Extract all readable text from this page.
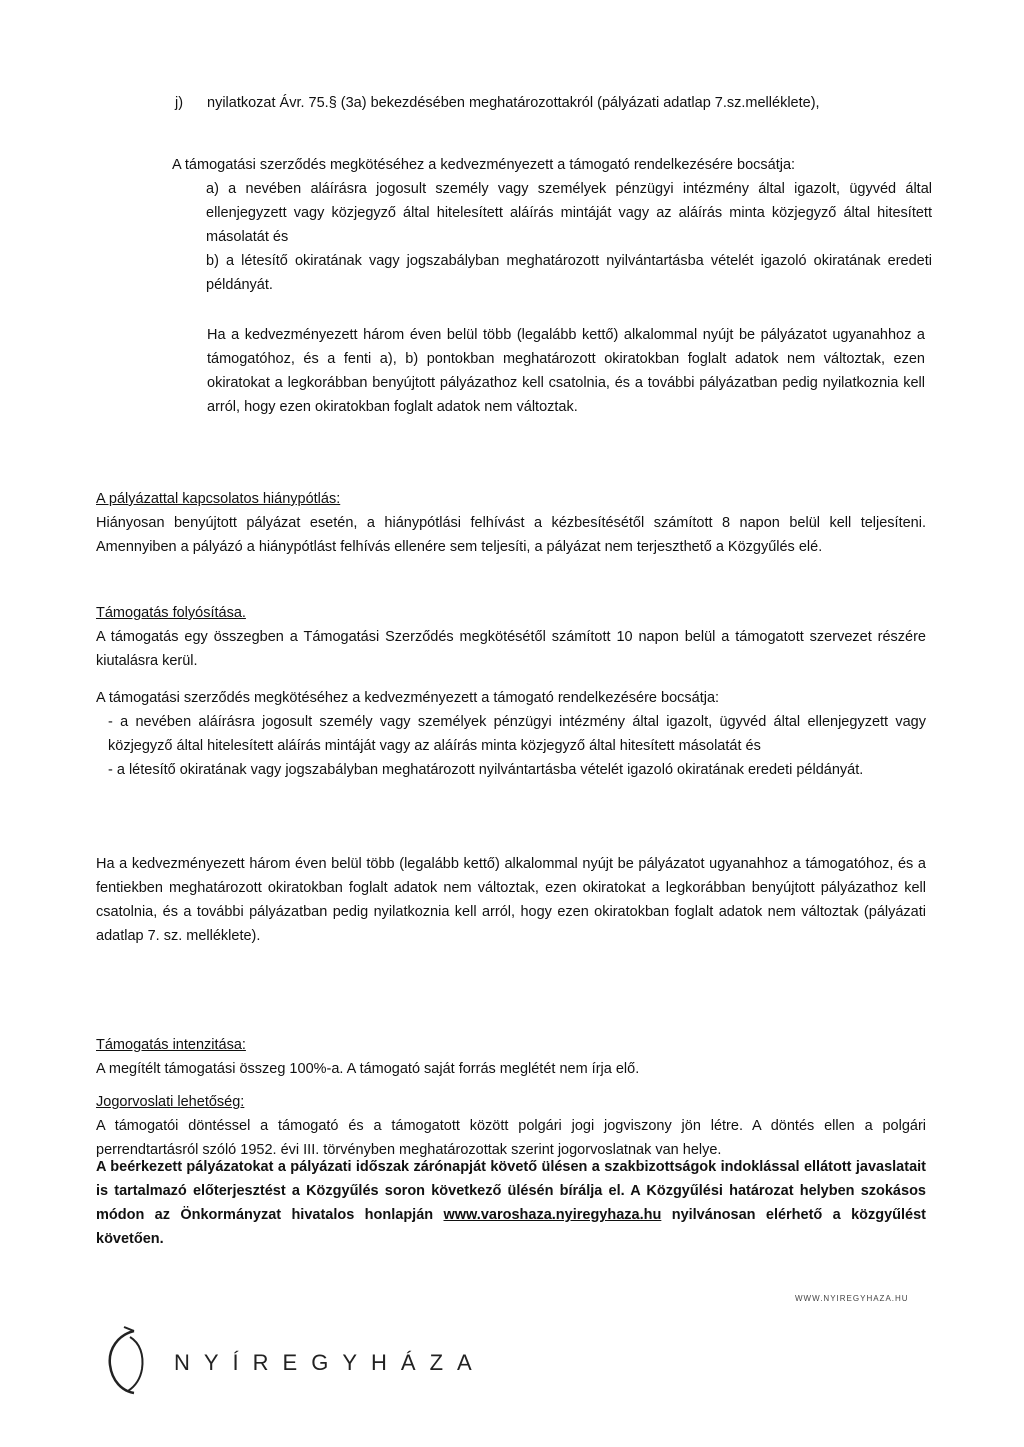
j)	nyilatkozat Ávr. 75.§ (3a) bekezdésében meghatározottakról (pályázati adatlap 7.sz.melléklete),

A támogatási szerződés megkötéséhez a kedvezményezett a támogató rendelkezésére bocsátja:

a) a nevében aláírásra jogosult személy vagy személyek pénzügyi intézmény által igazolt, ügyvéd által ellenjegyzett vagy közjegyző által hitelesített aláírás mintáját vagy az aláírás minta közjegyző által hitesített másolatát és

b) a létesítő okiratának vagy jogszabályban meghatározott nyilvántartásba vételét igazoló okiratának eredeti példányát.

Ha a kedvezményezett három éven belül több (legalább kettő) alkalommal nyújt be pályázatot ugyanahhoz a támogatóhoz, és a fenti a), b) pontokban meghatározott okiratokban foglalt adatok nem változtak, ezen okiratokat a legkorábban benyújtott pályázathoz kell csatolnia, és a további pályázatban pedig nyilatkoznia kell arról, hogy ezen okiratokban foglalt adatok nem változtak.

A pályázattal kapcsolatos hiánypótlás:

Hiányosan benyújtott pályázat esetén, a hiánypótlási felhívást a kézbesítésétől számított 8 napon belül kell teljesíteni. Amennyiben a pályázó a hiánypótlást felhívás ellenére sem teljesíti, a pályázat nem terjeszthető a Közgyűlés elé.

Támogatás folyósítása.

A támogatás egy összegben a Támogatási Szerződés megkötésétől számított 10 napon belül a támogatott szervezet részére kiutalásra kerül.

A támogatási szerződés megkötéséhez a kedvezményezett a támogató rendelkezésére bocsátja:

- a nevében aláírásra jogosult személy vagy személyek pénzügyi intézmény által igazolt, ügyvéd által ellenjegyzett vagy közjegyző által hitelesített aláírás mintáját vagy az aláírás minta közjegyző által hitesített másolatát és

- a létesítő okiratának vagy jogszabályban meghatározott nyilvántartásba vételét igazoló okiratának eredeti példányát.

Ha a kedvezményezett három éven belül több (legalább kettő) alkalommal nyújt be pályázatot ugyanahhoz a támogatóhoz, és a fentiekben meghatározott okiratokban foglalt adatok nem változtak, ezen okiratokat a legkorábban benyújtott pályázathoz kell csatolnia, és a további pályázatban pedig nyilatkoznia kell arról, hogy ezen okiratokban foglalt adatok nem változtak (pályázati adatlap 7. sz. melléklete).

Támogatás intenzitása:

A megítélt támogatási összeg 100%-a. A támogató saját forrás meglétét nem írja elő.

Jogorvoslati lehetőség:

A támogatói döntéssel a támogató és a támogatott között polgári jogi jogviszony jön létre. A döntés ellen a polgári perrendtartásról szóló 1952. évi III. törvényben meghatározottak szerint jogorvoslatnak van helye.

A beérkezett pályázatokat a pályázati időszak zárónapját követő ülésen a szakbizottságok indoklással ellátott javaslatait is tartalmazó előterjesztést a Közgyűlés soron következő ülésén bírálja el. A Közgyűlési határozat helyben szokásos módon az Önkormányzat hivatalos honlapján www.varoshaza.nyiregyhaza.hu nyilvánosan elérhető a közgyűlést követően.

WWW.NYIREGYHAZA.HU
NYÍREGYHÁZA
